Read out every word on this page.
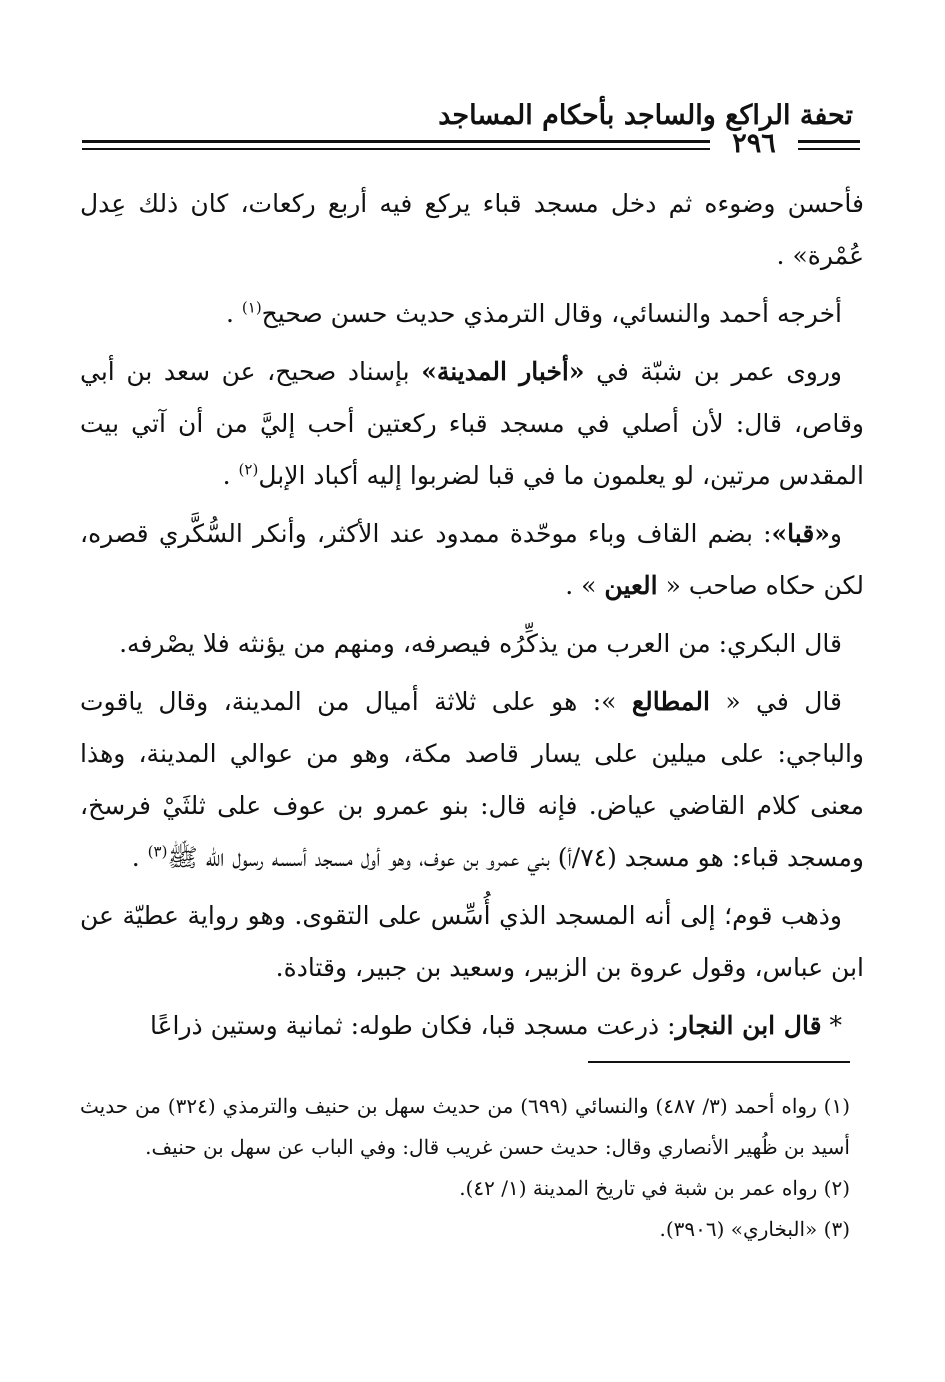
تحفة الراكع والساجد بأحكام المساجد
٢٩٦

فأحسن وضوءه ثم دخل مسجد قباء يركع فيه أربع ركعات، كان ذلك عِدل عُمْرة» .

أخرجه أحمد والنسائي، وقال الترمذي حديث حسن صحيح$^{(١)}$ .

وروى عمر بن شبّة في «أخبار المدينة» بإسناد صحيح، عن سعد بن أبي وقاص، قال: لأن أصلي في مسجد قباء ركعتين أحب إليَّ من أن آتي بيت المقدس مرتين، لو يعلمون ما في قبا لضربوا إليه أكباد الإبل$^{(٢)}$ .

و«قبا»: بضم القاف وباء موحّدة ممدود عند الأكثر، وأنكر السُّكَّري قصره، لكن حكاه صاحب « العين » .

قال البكري: من العرب من يذكِّرُه فيصرفه، ومنهم من يؤنثه فلا يصْرفه.

قال في « المطالع »: هو على ثلاثة أميال من المدينة، وقال ياقوت والباجي: على ميلين على يسار قاصد مكة، وهو من عوالي المدينة، وهذا معنى كلام القاضي عياض. فإنه قال: بنو عمرو بن عوف على ثلثَيْ فرسخ، ومسجد قباء: هو مسجد (٧٤/أ) بني عمرو بن عوف، وهو أول مسجد أسسه رسول اللّه ﷺ$^{(٣)}$ .

وذهب قوم؛ إلى أنه المسجد الذي أُسِّس على التقوى. وهو رواية عطيّة عن ابن عباس، وقول عروة بن الزبير، وسعيد بن جبير، وقتادة.

* قال ابن النجار: ذرعت مسجد قبا، فكان طوله: ثمانية وستين ذراعًا

(١) رواه أحمد (٣/ ٤٨٧) والنسائي (٦٩٩) من حديث سهل بن حنيف والترمذي (٣٢٤) من حديث أسيد بن ظُهير الأنصاري وقال: حديث حسن غريب قال: وفي الباب عن سهل بن حنيف.

(٢) رواه عمر بن شبة في تاريخ المدينة (١/ ٤٢).

(٣) «البخاري» (٣٩٠٦).
